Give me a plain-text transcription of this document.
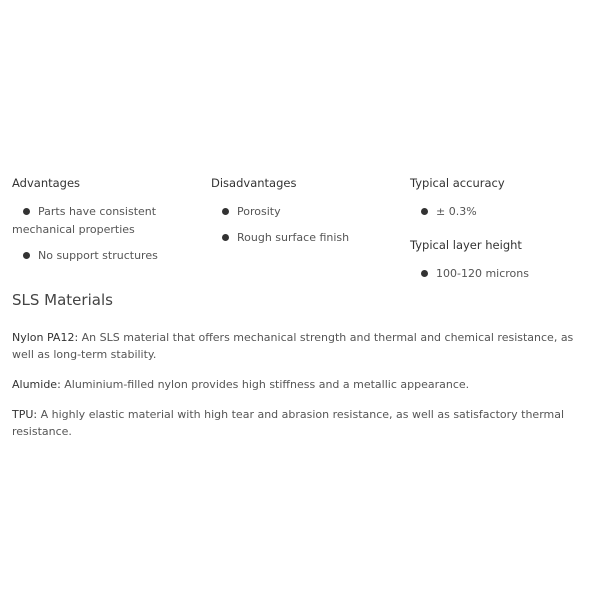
Advantages
Parts have consistent mechanical properties
No support structures
Disadvantages
Porosity
Rough surface finish
Typical accuracy
± 0.3%
Typical layer height
100-120 microns
SLS Materials

Nylon PA12: An SLS material that offers mechanical strength and thermal and chemical resistance, as well as long-term stability.

Alumide: Aluminium-filled nylon provides high stiffness and a metallic appearance.

TPU: A highly elastic material with high tear and abrasion resistance, as well as satisfactory thermal resistance.
